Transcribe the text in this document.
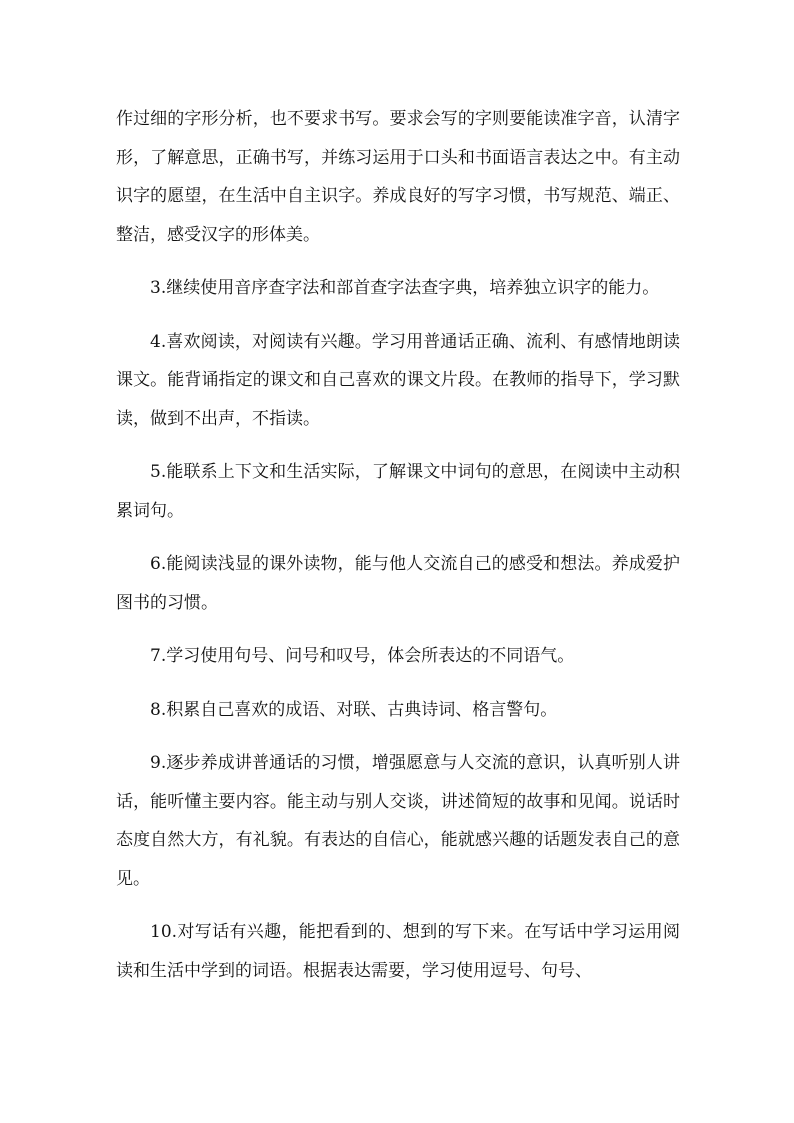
作过细的字形分析，也不要求书写。要求会写的字则要能读准字音，认清字形，了解意思，正确书写，并练习运用于口头和书面语言表达之中。有主动识字的愿望，在生活中自主识字。养成良好的写字习惯，书写规范、端正、整洁，感受汉字的形体美。

3.继续使用音序查字法和部首查字法查字典，培养独立识字的能力。

4.喜欢阅读，对阅读有兴趣。学习用普通话正确、流利、有感情地朗读课文。能背诵指定的课文和自己喜欢的课文片段。在教师的指导下，学习默读，做到不出声，不指读。

5.能联系上下文和生活实际，了解课文中词句的意思，在阅读中主动积累词句。

6.能阅读浅显的课外读物，能与他人交流自己的感受和想法。养成爱护图书的习惯。

7.学习使用句号、问号和叹号，体会所表达的不同语气。

8.积累自己喜欢的成语、对联、古典诗词、格言警句。

9.逐步养成讲普通话的习惯，增强愿意与人交流的意识，认真听别人讲话，能听懂主要内容。能主动与别人交谈，讲述简短的故事和见闻。说话时态度自然大方，有礼貌。有表达的自信心，能就感兴趣的话题发表自己的意见。

10.对写话有兴趣，能把看到的、想到的写下来。在写话中学习运用阅读和生活中学到的词语。根据表达需要，学习使用逗号、句号、
